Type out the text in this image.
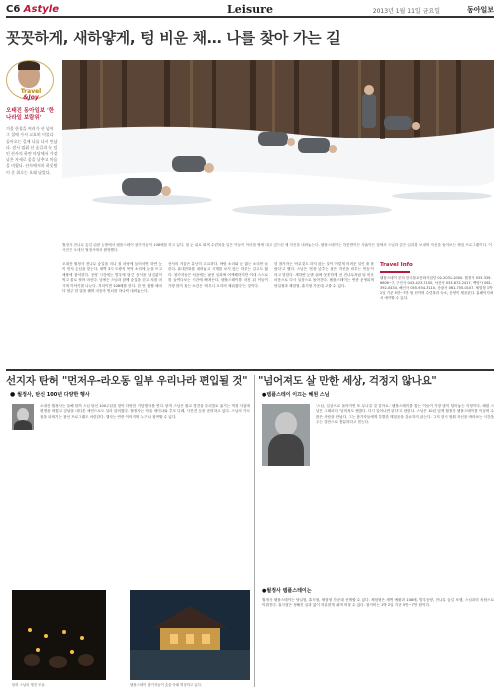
C6 Astyle	Leisure	2013년 1월 11일 금요일	동아일보
꼿꼿하게, 새하얗게, 텅 비운 채… 나를 찾아 가는 길
Travel
&Joy
오태진 동아일보 '한나라일 보람위'
겨울 한철을 여러가 산 넘어 그 절에 가서 고요히 머물다 돌아오는 길에 나를 다시 만났다. 잠시 멈춰 선 숲길과 눈 덮인 산사의 하얀 마당에서 가장 낮은 자세로 몸을 낮추고 마음을 비웠다. 산사에서의 하룻밤이 준 위로는 오래 남았다.
월정사 전나무 숲길 뒤편 눈밭에서 템플스테이 참가자들이 108배를 하고 있다. 흰 눈 위로 회색 수련복을 입은 이들이 이마를 땅에 대고 엎드린 채 자신을 내려놓는다. 템플스테이는 하룻밤이든 사흘이든 절에서 스님과 같은 일과를 보내며 자신을 돌아보는 체험 프로그램이다. 이 사진은 오대산 월정사에서 촬영했다.

오대산 월정사 전나무 숲길을 지나 절 마당에 들어서면 하얀 눈이 먼저 손님을 맞는다. 새벽 3시 도량석 목탁 소리에 눈을 뜨고 예불에 참석한다. 공양 시간에는 발우에 담긴 음식을 남김없이 먹고 물로 씻어 마신다. 낮에는 스님과 함께 숲길을 걷고 차를 마시며 이야기를 나눈다. 저녁이면 108배를 한다. 한 번 절할 때마다 염주 한 알을 꿰며 마음속 번뇌를 하나씩 내려놓는다.

산사의 겨울은 유난히 고요하다. 바람 소리와 눈 밟는 소리만 들린다. 휴대전화를 내려놓고 시계를 보지 않는 하루는 길고도 짧다. 참가자들은 처음에는 낯선 일과에 어색해하지만 이내 스스로를 들여다보는 시간에 빠져든다. 템플스테이를 마친 뒤 이들이 가장 많이 꼽는 소감은 '비우니 오히려 채워졌다'는 것이다.

한 참가자는 '아무것도 하지 않는 것이 이렇게 어려운 일인 줄 몰랐다'고 했다. 스님은 '몸을 낮추는 절은 자신을 비우는 연습'이라고 말한다. 새하얀 눈밭 위에 꼿꼿하게 선 전나무처럼 텅 비운 마음으로 다시 일상으로 돌아간다. 템플스테이는 연중 운영되며 당일형과 체험형, 휴식형 가운데 고를 수 있다.

Travel Info
템플스테이 문의 한국불교문화사업단 02-2031-2000. 월정사 033-339-6606~7, 구인사 043-423-7100, 낙산사 033-672-2417, 백양사 061-392-0434, 해인사 055-934-3110, 송광사 061-755-0107. 체험형 1박 2일 기준 5만~7만 원 선이며 수련복과 숙소, 공양이 제공된다. 홈페이지에서 예약할 수 있다.
선지자 탄허 "먼저우-라오동 일부 우리나라 편입될 것"
● 월정사, 탄신 100년 다양한 행사

오대산 월정사는 올해 탄허 스님 탄신 100주년을 맞아 다양한 기념행사를 연다. 탄허 스님은 불교 경전을 우리말로 옮기는 역경 사업에 평생을 바쳤고 앞날을 내다본 예언으로도 널리 알려졌다. 월정사는 학술 세미나와 추모 다례, 사진전 등을 준비하고 있다. 스님의 가르침을 되새기는 참선 프로그램도 마련한다. 행사는 연중 이어지며 누구나 참여할 수 있다.

탄허 스님의 생전 모습.	템플스테이 참가자들이 촛불 아래 명상하고 있다.
"넘어져도 살 만한 세상, 걱정지 않나요"
●템플스테이 이끄는 혜원 스님

'스님, 일상으로 돌아가면 또 무너질 것 같아요.' 템플스테이를 찾는 이들이 가장 많이 털어놓는 걱정이다. 혜원 스님은 그때마다 '넘어져도 괜찮다. 다시 일어나면 된다'고 답한다. 스님은 10년 넘게 월정사 템플스테이를 이끌며 수많은 사람을 만났다. 그는 참가자들에게 특별한 깨달음을 강요하지 않는다. 그저 잠시 멈춰 자신을 바라보는 시간을 주는 것만으로 충분하다고 믿는다.

●월정사 템플스테이는

월정사 템플스테이는 당일형, 휴식형, 체험형 가운데 선택할 수 있다. 체험형은 새벽 예불과 108배, 발우공양, 전나무 숲길 포행, 스님과의 차담으로 이뤄진다. 휴식형은 정해진 일과 없이 자유롭게 쉬며 머물 수 있다. 참가비는 1박 2일 기준 5만~7만 원이다.
